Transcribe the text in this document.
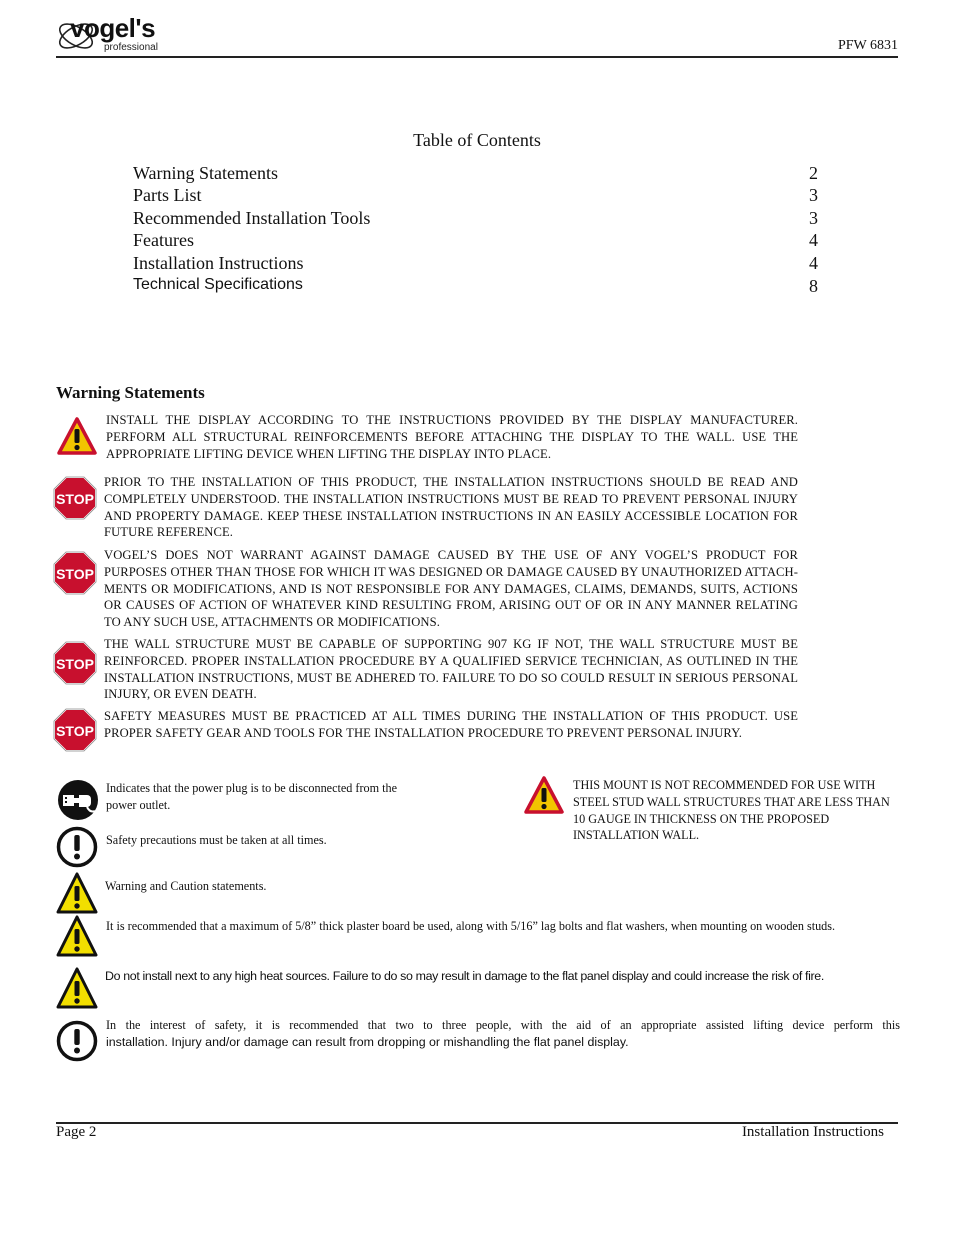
vogel's
professional	PFW 6831
Table of Contents
Warning Statements	2
Parts List	3
Recommended Installation Tools	3
Features	4
Installation Instructions	4
Technical Specifications	8
Warning Statements
INSTALL THE DISPLAY ACCORDING TO THE INSTRUCTIONS PROVIDED BY THE DISPLAY MANUFACTURER. PERFORM ALL STRUCTURAL REINFORCEMENTS BEFORE ATTACHING THE DISPLAY TO THE WALL. USE THE APPROPRIATE LIFTING DEVICE WHEN LIFTING THE DISPLAY INTO PLACE.
STOP
PRIOR TO THE INSTALLATION OF THIS PRODUCT, THE INSTALLATION INSTRUCTIONS SHOULD BE READ AND COMPLETELY UNDERSTOOD. THE INSTALLATION INSTRUCTIONS MUST BE READ TO PREVENT PERSONAL INJURY AND PROPERTY DAMAGE. KEEP THESE INSTALLATION INSTRUCTIONS IN AN EASILY ACCESSIBLE LOCATION FOR FUTURE REFERENCE.
STOP
VOGEL’S DOES NOT WARRANT AGAINST DAMAGE CAUSED BY THE USE OF ANY VOGEL’S PRODUCT FOR PURPOSES OTHER THAN THOSE FOR WHICH IT WAS DESIGNED OR DAMAGE CAUSED BY UNAUTHORIZED ATTACH-MENTS OR MODIFICATIONS, AND IS NOT RESPONSIBLE FOR ANY DAMAGES, CLAIMS, DEMANDS, SUITS, ACTIONS OR CAUSES OF ACTION OF WHATEVER KIND RESULTING FROM, ARISING OUT OF OR IN ANY MANNER RELATING TO ANY SUCH USE, ATTACHMENTS OR MODIFICATIONS.
STOP
THE WALL STRUCTURE MUST BE CAPABLE OF SUPPORTING 907 KG IF NOT, THE WALL STRUCTURE MUST BE REINFORCED. PROPER INSTALLATION PROCEDURE BY A QUALIFIED SERVICE TECHNICIAN, AS OUTLINED IN THE INSTALLATION INSTRUCTIONS, MUST BE ADHERED TO. FAILURE TO DO SO COULD RESULT IN SERIOUS PERSONAL INJURY, OR EVEN DEATH.
STOP
SAFETY MEASURES MUST BE PRACTICED AT ALL TIMES DURING THE INSTALLATION OF THIS PRODUCT. USE PROPER SAFETY GEAR AND TOOLS FOR THE INSTALLATION PROCEDURE TO PREVENT PERSONAL INJURY.
Indicates that the power plug is to be disconnected from the power outlet.
THIS MOUNT IS NOT RECOMMENDED FOR USE WITH STEEL STUD WALL STRUCTURES THAT ARE LESS THAN 10 GAUGE IN THICKNESS ON THE PROPOSED INSTALLATION WALL.
Safety precautions must be taken at all times.
Warning and Caution statements.
It is recommended that a maximum of 5/8” thick plaster board be used, along with 5/16” lag bolts and flat washers, when mounting on wooden studs.
Do not install next to any high heat sources. Failure to do so may result in damage to the flat panel display and could increase the risk of fire.
In the interest of safety, it is recommended that two to three people, with the aid of an appropriate assisted lifting device perform this
installation. Injury and/or damage can result from dropping or mishandling the flat panel display.
Page 2	Installation Instructions
